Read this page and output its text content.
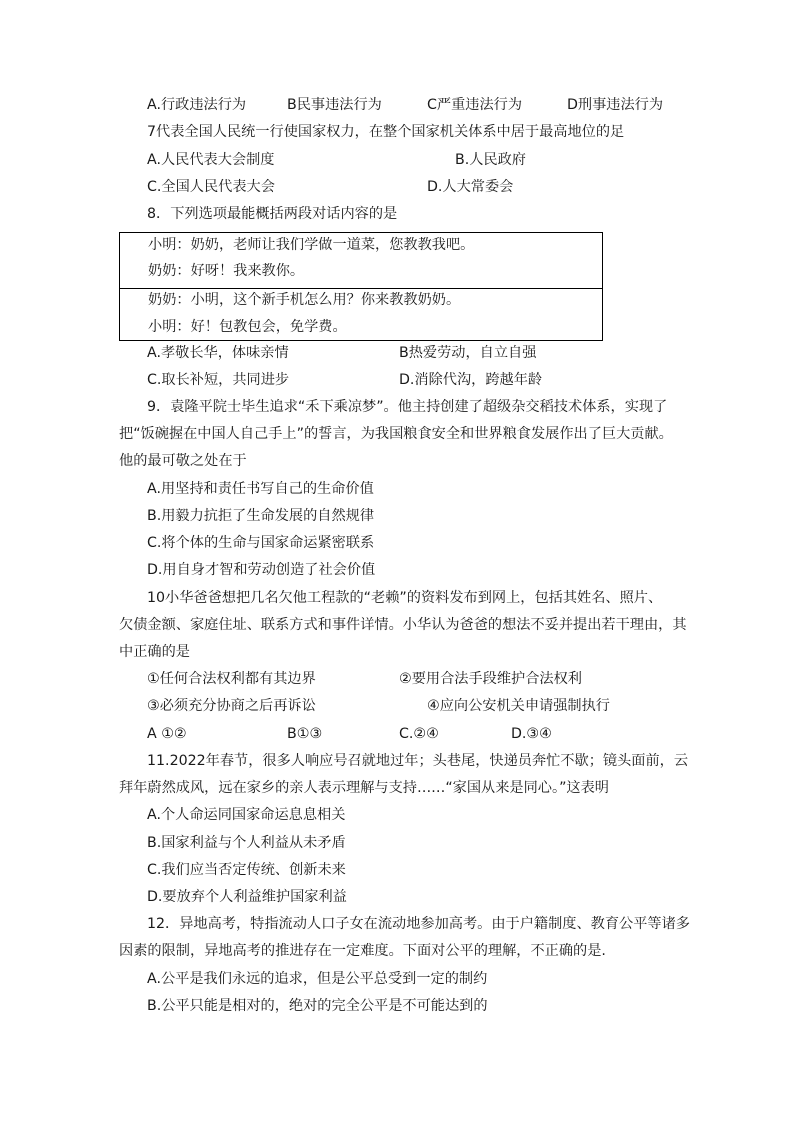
A.行政违法行为	B民事违法行为	C严重违法行为	D刑事违法行为
7代表全国人民统一行使国家权力，在整个国家机关体系中居于最高地位的足
A.人民代表大会制度	B.人民政府
C.全国人民代表大会	D.人大常委会
8．下列选项最能概括两段对话内容的是
小明：奶奶，老师让我们学做一道菜，您教教我吧。
奶奶：好呀！我来教你。
奶奶：小明，这个新手机怎么用？你来教教奶奶。
小明：好！包教包会，免学费。
A.孝敬长华，体味亲情	B热爱劳动，自立自强
C.取长补短，共同进步	D.消除代沟，跨越年龄
9．袁隆平院士毕生追求“禾下乘凉梦”。他主持创建了超级杂交稻技术体系，实现了
把“饭碗握在中国人自己手上”的誓言，为我国粮食安全和世界粮食发展作出了巨大贡献。
他的最可敬之处在于
A.用坚持和责任书写自己的生命价值
B.用毅力抗拒了生命发展的自然规律
C.将个体的生命与国家命运紧密联系
D.用自身才智和劳动创造了社会价值
10小华爸爸想把几名欠他工程款的“老赖”的资料发布到网上，包括其姓名、照片、
欠债金额、家庭住址、联系方式和事件详情。小华认为爸爸的想法不妥并提出若干理由，其
中正确的是
①任何合法权利都有其边界	②要用合法手段维护合法权利
③必须充分协商之后再诉讼	④应向公安机关申请强制执行
A ①②	B①③	C.②④	D.③④
11.2022年春节，很多人响应号召就地过年；头巷尾，快递员奔忙不歇；镜头面前，云
拜年蔚然成风，远在家乡的亲人表示理解与支持……“家国从来是同心。”这表明
A.个人命运同国家命运息息相关
B.国家利益与个人利益从未矛盾
C.我们应当否定传统、创新未来
D.要放弃个人利益维护国家利益
12．异地高考，特指流动人口子女在流动地参加高考。由于户籍制度、教育公平等诸多
因素的限制，异地高考的推进存在一定难度。下面对公平的理解，不正确的是.
A.公平是我们永远的追求，但是公平总受到一定的制约
B.公平只能是相对的，绝对的完全公平是不可能达到的
